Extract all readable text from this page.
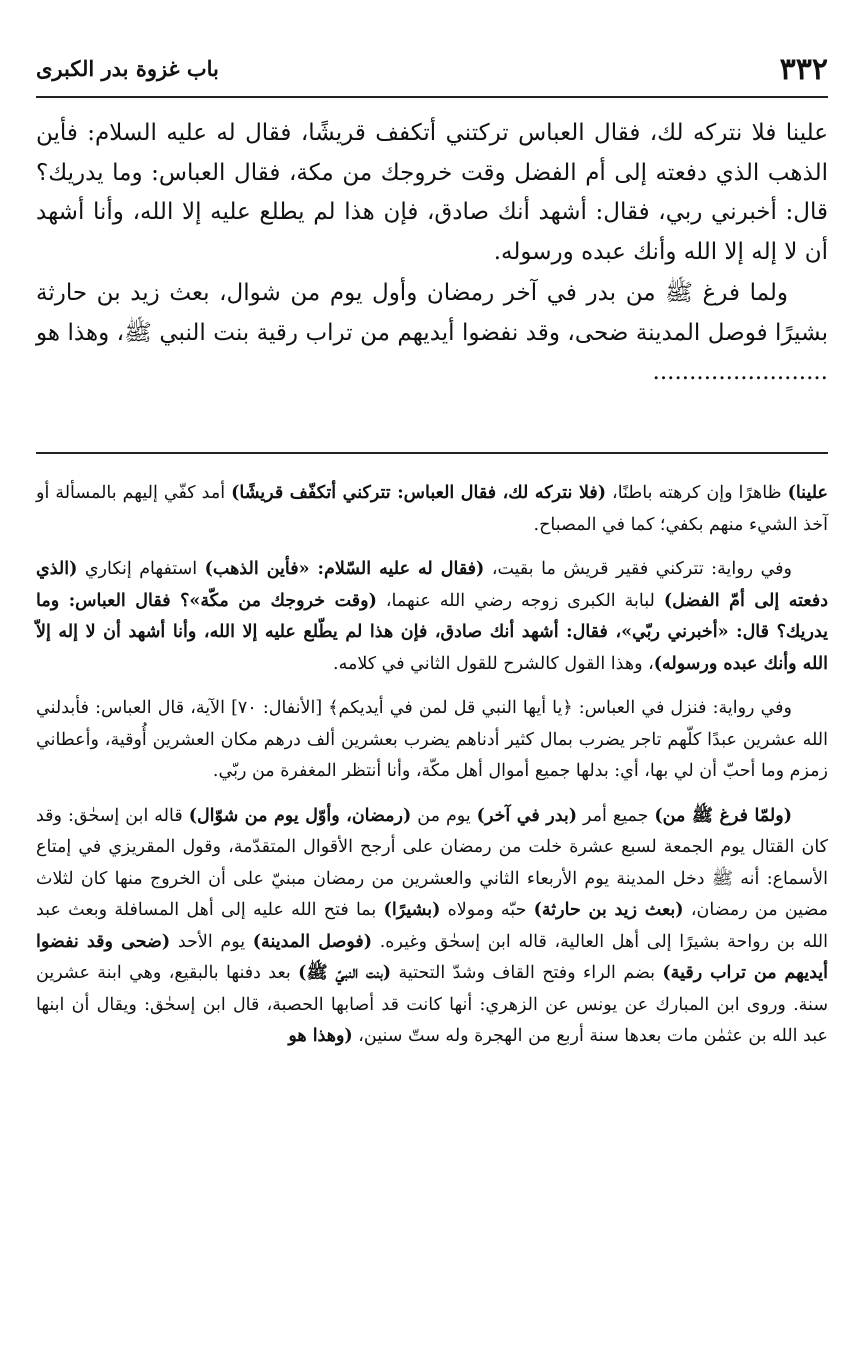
٣٣٢
باب غزوة بدر الكبرى

علينا فلا نتركه لك، فقال العباس تركتني أتكفف قريشًا، فقال له عليه السلام: فأين الذهب الذي دفعته إلى أم الفضل وقت خروجك من مكة، فقال العباس: وما يدريك؟ قال: أخبرني ربي، فقال: أشهد أنك صادق، فإن هذا لم يطلع عليه إلا الله، وأنا أشهد أن لا إله إلا الله وأنك عبده ورسوله.

ولما فرغ ﷺ من بدر في آخر رمضان وأول يوم من شوال، بعث زيد بن حارثة بشيرًا فوصل المدينة ضحى، وقد نفضوا أيديهم من تراب رقية بنت النبي ﷺ، وهذا هو ........................

علينا) ظاهرًا وإن كرهته باطنًا، (فلا نتركه لك، فقال العباس: تتركني أتكفّف قريشًا) أمد كفّي إليهم بالمسألة أو آخذ الشيء منهم بكفي؛ كما في المصباح.

وفي رواية: تتركني فقير قريش ما بقيت، (فقال له عليه السّلام: «فأين الذهب) استفهام إنكاري (الذي دفعته إلى أمّ الفضل) لبابة الكبرى زوجه رضي الله عنهما، (وقت خروجك من مكّة»؟ فقال العباس: وما يدريك؟ قال: «أخبرني ربّي»، فقال: أشهد أنك صادق، فإن هذا لم يطّلع عليه إلا الله، وأنا أشهد أن لا إله إلاّ الله وأنك عبده ورسوله)، وهذا القول كالشرح للقول الثاني في كلامه.

وفي رواية: فنزل في العباس: ﴿يا أيها النبي قل لمن في أيديكم﴾ [الأنفال: ٧٠] الآية، قال العباس: فأبدلني الله عشرين عبدًا كلّهم تاجر يضرب بمال كثير أدناهم يضرب بعشرين ألف درهم مكان العشرين أُوقية، وأعطاني زمزم وما أحبّ أن لي بها، أي: بدلها جميع أموال أهل مكّة، وأنا أنتظر المغفرة من ربّي.

(ولمّا فرغ ﷺ من) جميع أمر (بدر في آخر) يوم من (رمضان، وأوّل يوم من شوّال) قاله ابن إسحٰق: وقد كان القتال يوم الجمعة لسبع عشرة خلت من رمضان على أرجح الأقوال المتقدّمة، وقول المقريزي في إمتاع الأسماع: أنه ﷺ دخل المدينة يوم الأربعاء الثاني والعشرين من رمضان مبنيّ على أن الخروج منها كان لثلاث مضين من رمضان، (بعث زيد بن حارثة) حبّه ومولاه (بشيرًا) بما فتح الله عليه إلى أهل المسافلة وبعث عبد الله بن رواحة بشيرًا إلى أهل العالية، قاله ابن إسحٰق وغيره. (فوصل المدينة) يوم الأحد (ضحى وقد نفضوا أيديهم من تراب رقية) بضم الراء وفتح القاف وشدّ التحتية (بنت النبيّ ﷺ) بعد دفنها بالبقيع، وهي ابنة عشرين سنة. وروى ابن المبارك عن يونس عن الزهري: أنها كانت قد أصابها الحصبة، قال ابن إسحٰق: ويقال أن ابنها عبد الله بن عثمٰن مات بعدها سنة أربع من الهجرة وله ستّ سنين، (وهذا هو
